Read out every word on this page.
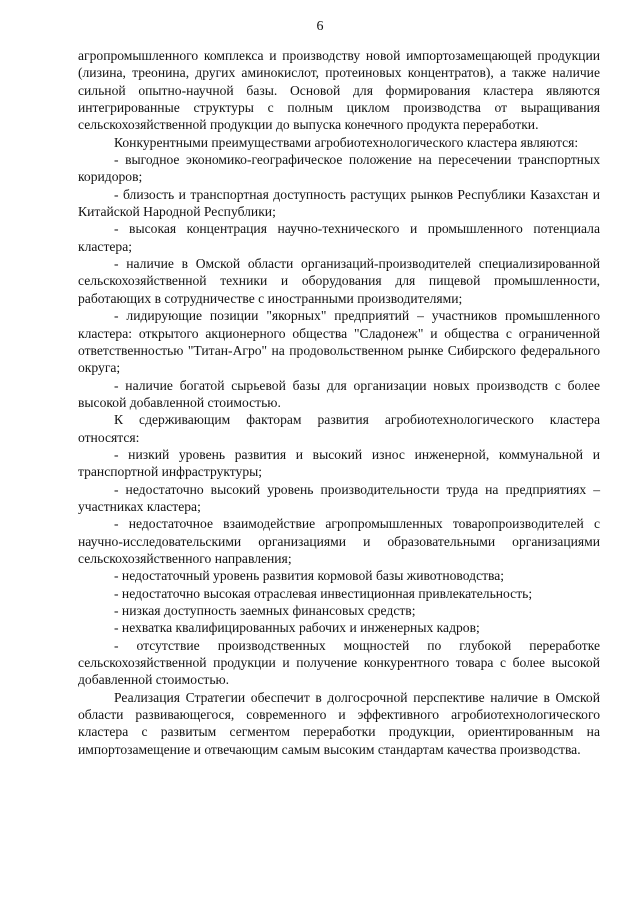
6

агропромышленного комплекса и производству новой импортозамещающей продукции (лизина, треонина, других аминокислот, протеиновых концентратов), а также наличие сильной опытно-научной базы. Основой для формирования кластера являются интегрированные структуры с полным циклом производства от выращивания сельскохозяйственной продукции до выпуска конечного продукта переработки.

Конкурентными преимуществами агробиотехнологического кластера являются:

- выгодное экономико-географическое положение на пересечении транспортных коридоров;

- близость и транспортная доступность растущих рынков Республики Казахстан и Китайской Народной Республики;

- высокая концентрация научно-технического и промышленного потенциала кластера;

- наличие в Омской области организаций-производителей специализированной сельскохозяйственной техники и оборудования для пищевой промышленности, работающих в сотрудничестве с иностранными производителями;

- лидирующие позиции "якорных" предприятий – участников промышленного кластера: открытого акционерного общества "Сладонеж" и общества с ограниченной ответственностью "Титан-Агро" на продовольственном рынке Сибирского федерального округа;

- наличие богатой сырьевой базы для организации новых производств с более высокой добавленной стоимостью.

К сдерживающим факторам развития агробиотехнологического кластера относятся:

- низкий уровень развития и высокий износ инженерной, коммунальной и транспортной инфраструктуры;

- недостаточно высокий уровень производительности труда на предприятиях – участниках кластера;

- недостаточное взаимодействие агропромышленных товаропроизводителей с научно-исследовательскими организациями и образовательными организациями сельскохозяйственного направления;

- недостаточный уровень развития кормовой базы животноводства;

- недостаточно высокая отраслевая инвестиционная привлекательность;

- низкая доступность заемных финансовых средств;

- нехватка квалифицированных рабочих и инженерных кадров;

- отсутствие производственных мощностей по глубокой переработке сельскохозяйственной продукции и получение конкурентного товара с более высокой добавленной стоимостью.

Реализация Стратегии обеспечит в долгосрочной перспективе наличие в Омской области развивающегося, современного и эффективного агробиотехнологического кластера с развитым сегментом переработки продукции, ориентированным на импортозамещение и отвечающим самым высоким стандартам качества производства.
